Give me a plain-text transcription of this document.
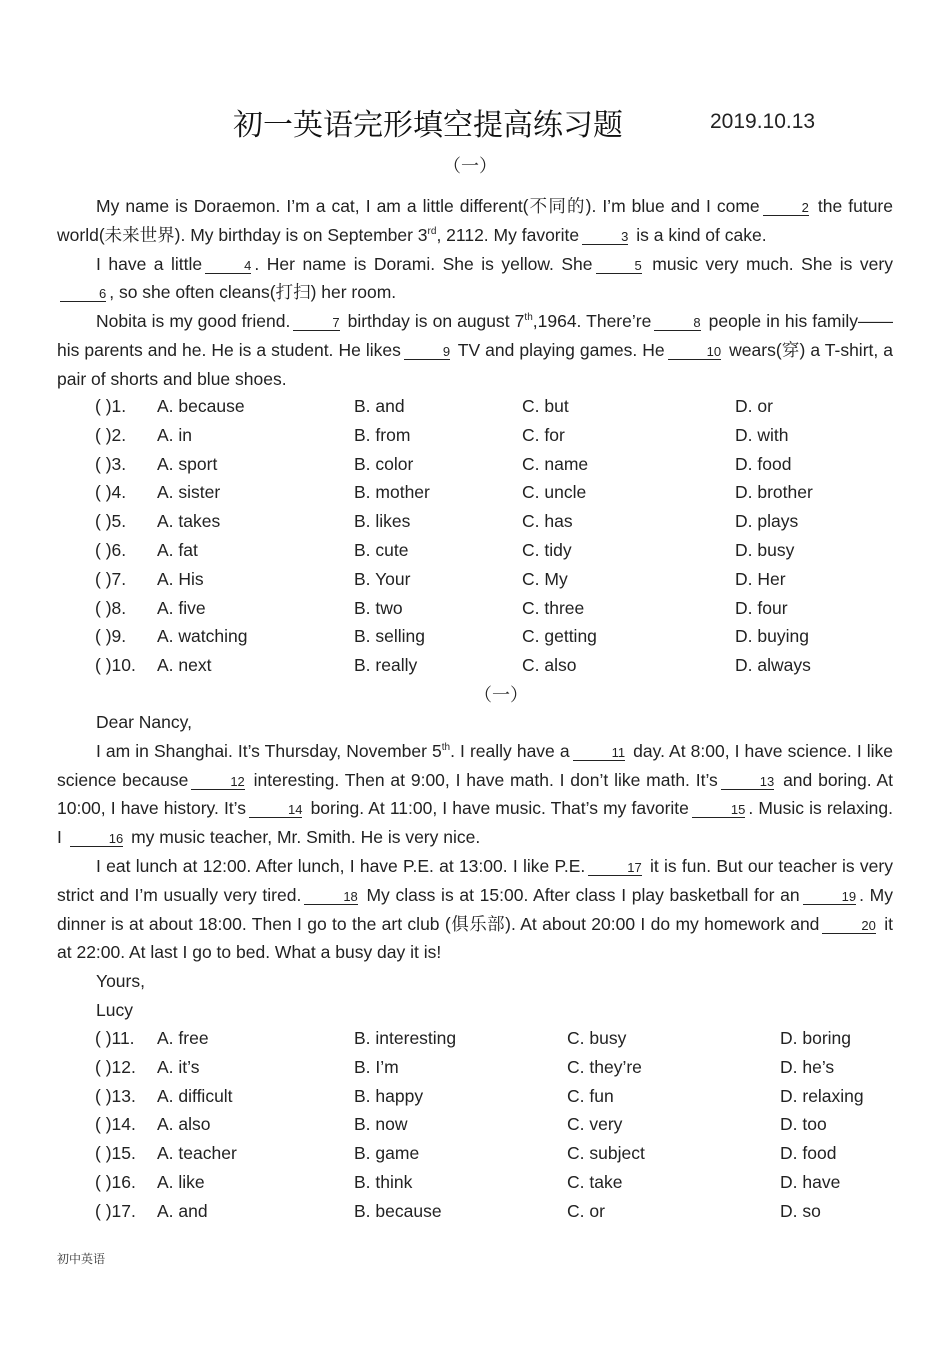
初一英语完形填空提高练习题	2019.10.13
（一）

My name is Doraemon. I’m a cat, I am a little different(不同的). I’m blue and I come	2 the future world(未来世界). My birthday is on September 3rd, 2112. My favorite	3 is a kind of cake.

I have a little	4 . Her name is Dorami. She is yellow. She	5 music very much. She is very6 , so she often cleans(打扫) her room.

Nobita is my good friend.	7 birthday is on august 7th,1964. There’re	8 people in his family——his parents and he. He is a student. He likes	9 TV and playing games. He	10 wears(穿) a T-shirt, a pair of shorts and blue shoes.

( )1. A. because	B. and	C. but	D. or
( )2. A. in	B. from	C. for	D. with
( )3. A. sport	B. color	C. name	D. food
( )4. A. sister	B. mother	C. uncle	D. brother
( )5. A. takes	B. likes	C. has	D. plays
( )6. A. fat	B. cute	C. tidy	D. busy
( )7. A. His	B. Your	C. My	D. Her
( )8. A. five	B. two	C. three	D. four
( )9. A. watching	B. selling	C. getting	D. buying
( )10. A. next	B. really	C. also	D. always
（一）

Dear Nancy,

I am in Shanghai. It’s Thursday, November 5th. I really have a	11 day. At 8:00, I have science. I like science because	12 interesting. Then at 9:00, I have math. I don’t like math. It’s	13 and boring. At 10:00, I have history. It’s	14 boring. At 11:00, I have music. That’s my favorite	15 . Music is relaxing. I	16 my music teacher, Mr. Smith. He is very nice.

I eat lunch at 12:00. After lunch, I have P.E. at 13:00. I like P.E.	17 it is fun. But our teacher is very strict and I’m usually very tired.	18 My class is at 15:00. After class I play basketball for an	19 . My dinner is at about 18:00. Then I go to the art club (俱乐部). At about 20:00 I do my homework and	20 it at 22:00. At last I go to bed. What a busy day it is!

Yours,

Lucy

( )11. A. free	B. interesting	C. busy	D. boring
( )12. A. it’s	B. I’m	C. they’re	D. he’s
( )13. A. difficult	B. happy	C. fun	D. relaxing
( )14. A. also	B. now	C. very	D. too
( )15. A. teacher	B. game	C. subject	D. food
( )16. A. like	B. think	C. take	D. have
( )17. A. and	B. because	C. or	D. so
初中英语
